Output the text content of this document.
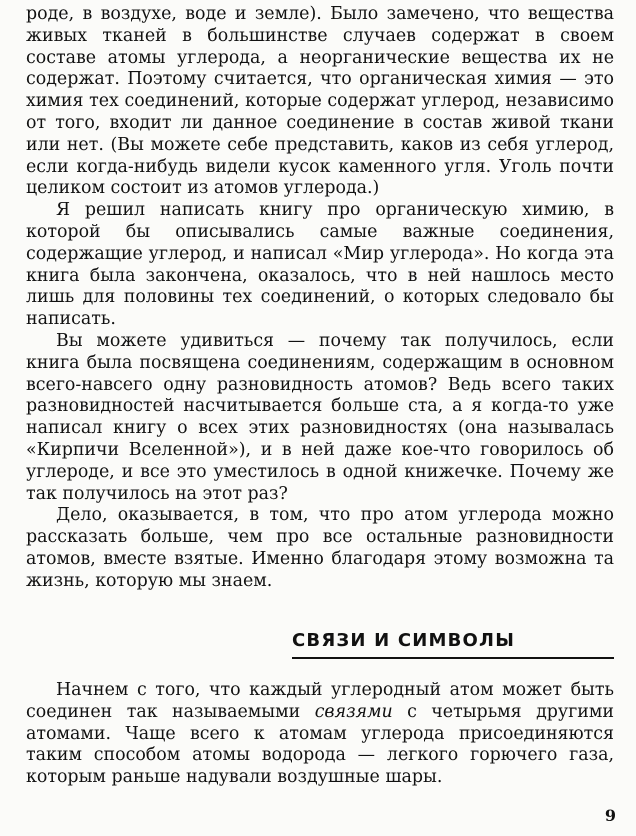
роде, в воздухе, воде и земле). Было замечено, что вещества живых тканей в большинстве случаев содержат в своем составе атомы углерода, а неорганические вещества их не содержат. Поэтому считается, что органическая химия — это химия тех соединений, которые содержат углерод, независимо от того, входит ли данное соединение в состав живой ткани или нет. (Вы можете себе представить, каков из себя углерод, если когда-нибудь видели кусок каменного угля. Уголь почти целиком состоит из атомов углерода.)

Я решил написать книгу про органическую химию, в которой бы описывались самые важные соединения, содержащие углерод, и написал «Мир углерода». Но когда эта книга была закончена, оказалось, что в ней нашлось место лишь для половины тех соединений, о которых следовало бы написать.

Вы можете удивиться — почему так получилось, если книга была посвящена соединениям, содержащим в основном всего-навсего одну разновидность атомов? Ведь всего таких разновидностей насчитывается больше ста, а я когда-то уже написал книгу о всех этих разновидностях (она называлась «Кирпичи Вселенной»), и в ней даже кое-что говорилось об углероде, и все это уместилось в одной книжечке. Почему же так получилось на этот раз?

Дело, оказывается, в том, что про атом углерода можно рассказать больше, чем про все остальные разновидности атомов, вместе взятые. Именно благодаря этому возможна та жизнь, которую мы знаем.

СВЯЗИ И СИМВОЛЫ

Начнем с того, что каждый углеродный атом может быть соединен так называемыми связями с четырьмя другими атомами. Чаще всего к атомам углерода присоединяются таким способом атомы водорода — легкого горючего газа, которым раньше надували воздушные шары.

9
